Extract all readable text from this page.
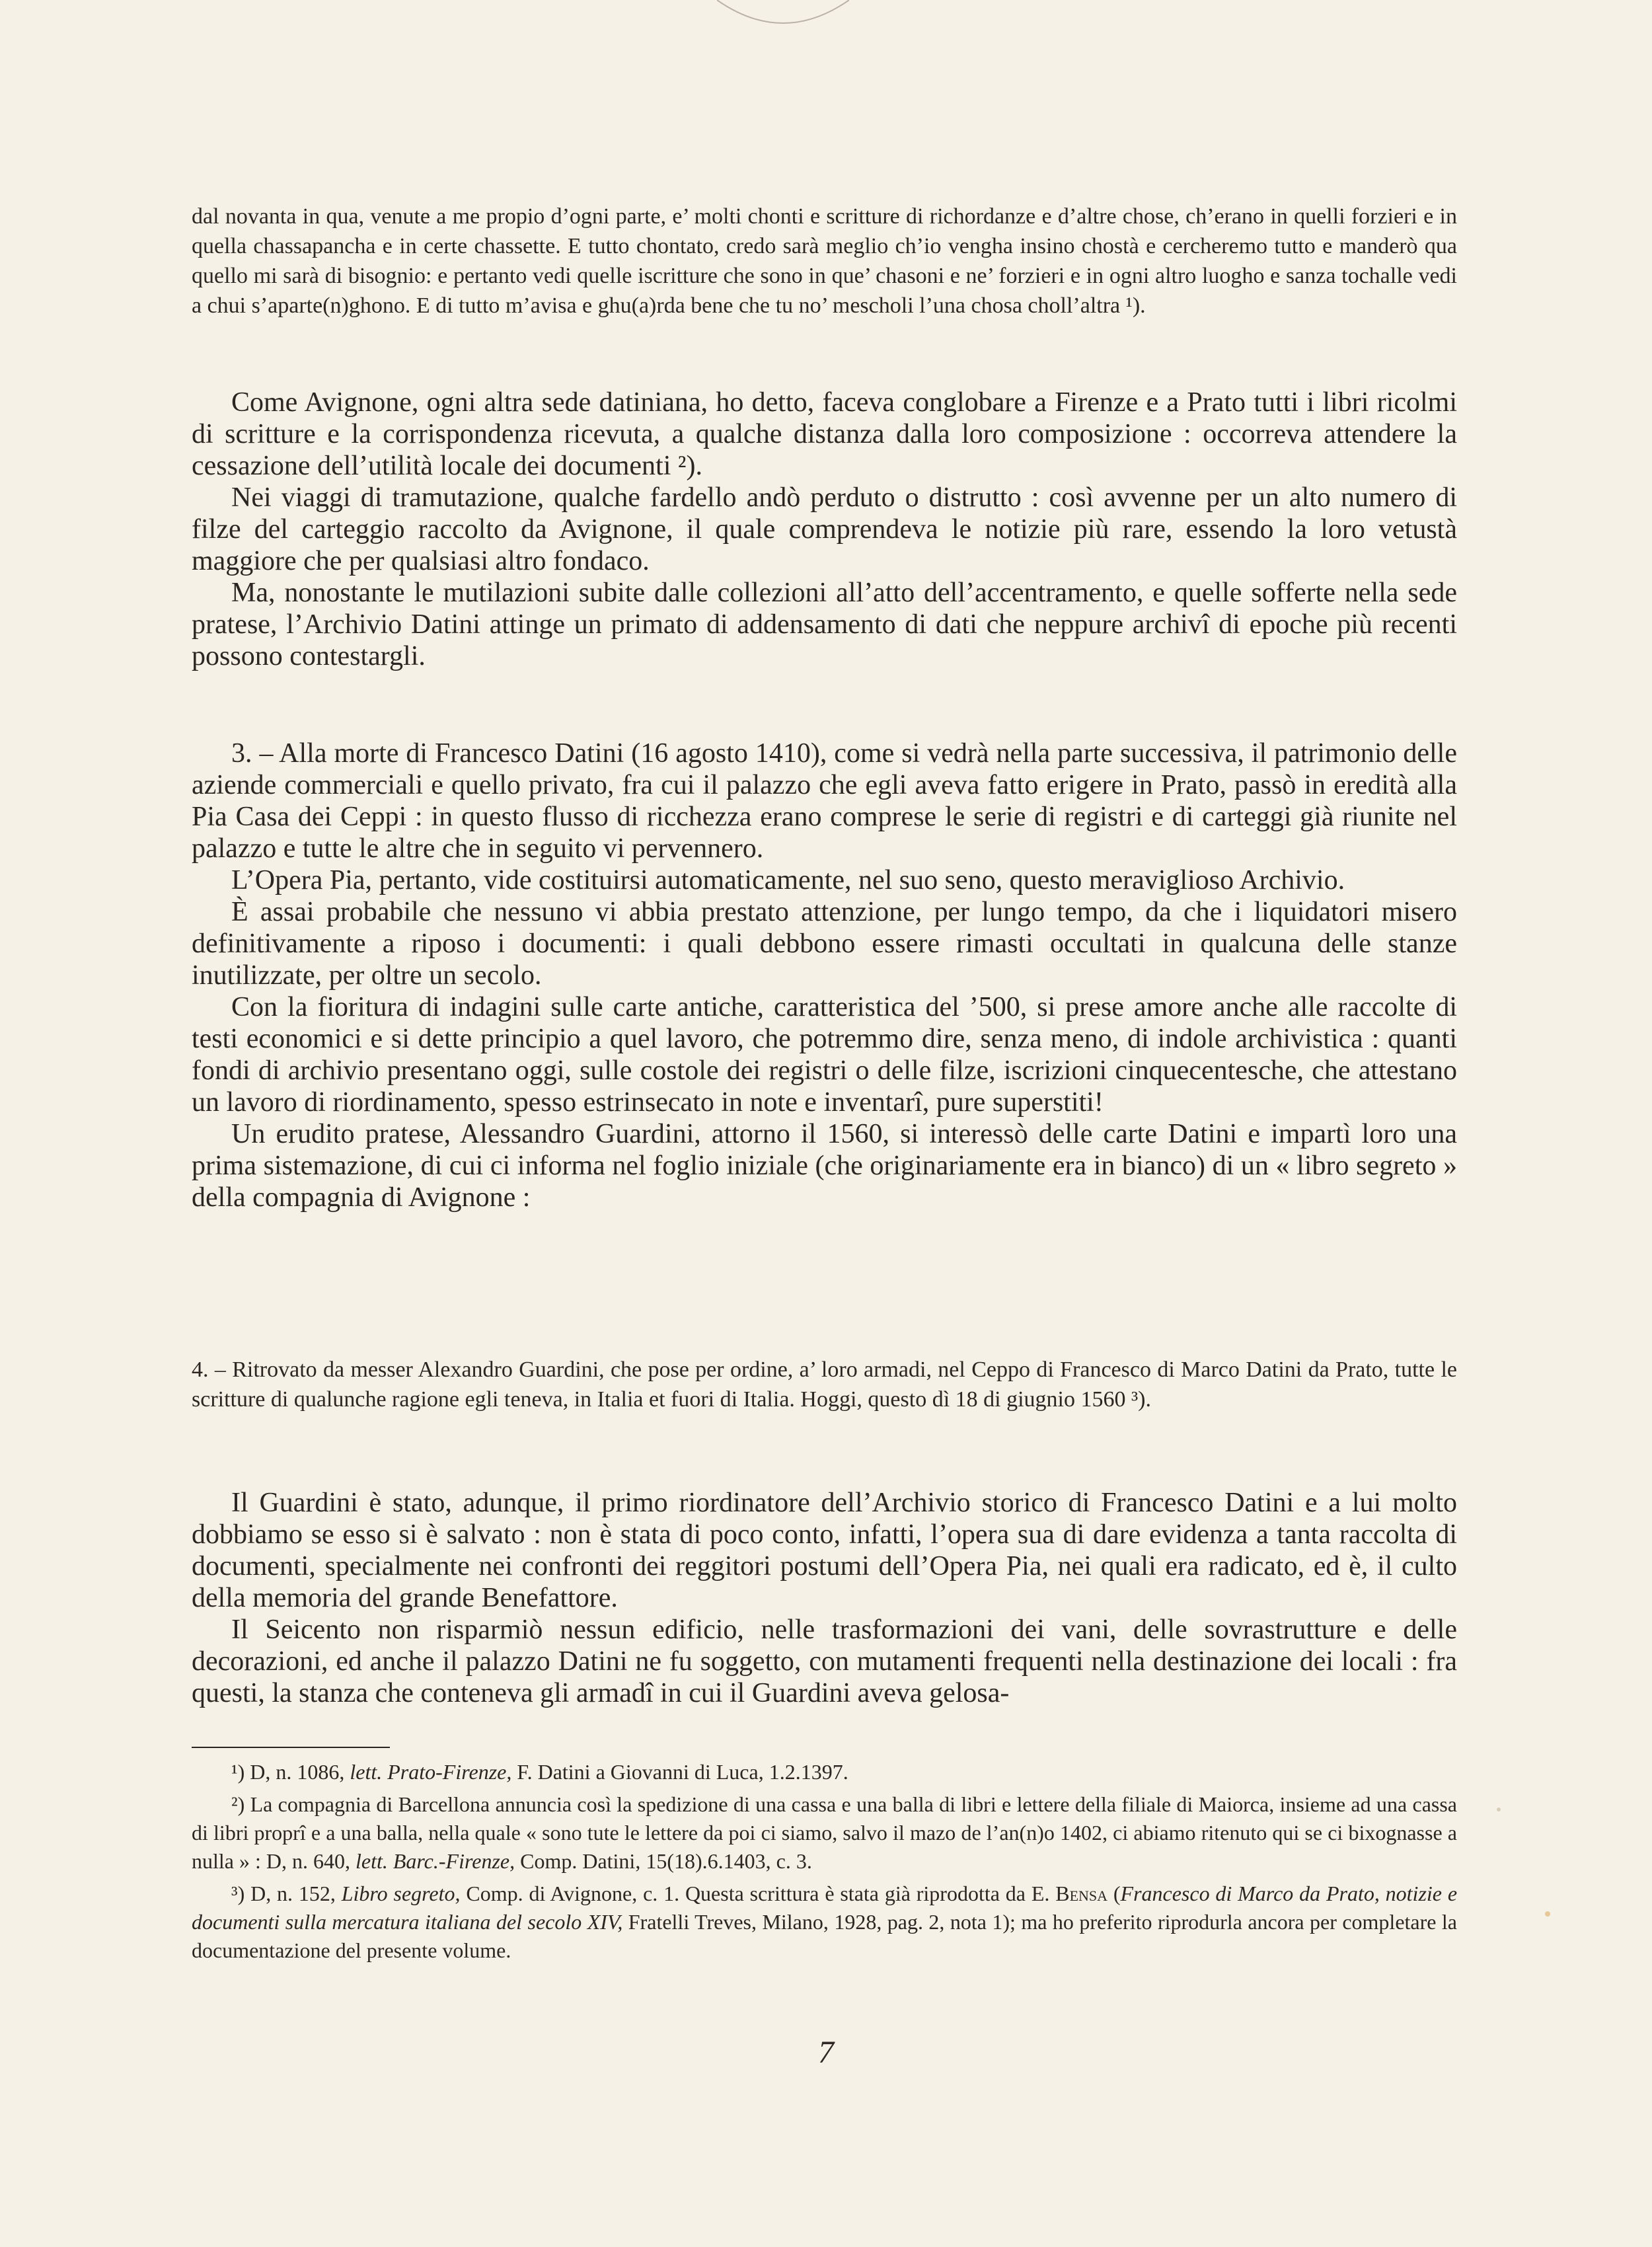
dal novanta in qua, venute a me propio d’ogni parte, e’ molti chonti e scritture di richordanze e d’altre chose, ch’erano in quelli forzieri e in quella chassapancha e in certe chassette. E tutto chontato, credo sarà meglio ch’io vengha insino chostà e cercheremo tutto e manderò qua quello mi sarà di bisognio: e pertanto vedi quelle iscritture che sono in que’ chasoni e ne’ forzieri e in ogni altro luogho e sanza tochalle vedi a chui s’aparte(n)ghono. E di tutto m’avisa e ghu(a)rda bene che tu no’ mescholi l’una chosa choll’altra ¹).

Come Avignone, ogni altra sede datiniana, ho detto, faceva conglobare a Firenze e a Prato tutti i libri ricolmi di scritture e la corrispondenza ricevuta, a qualche distanza dalla loro composizione : occorreva attendere la cessazione dell’utilità locale dei documenti ²).

Nei viaggi di tramutazione, qualche fardello andò perduto o distrutto : così avvenne per un alto numero di filze del carteggio raccolto da Avignone, il quale comprendeva le notizie più rare, essendo la loro vetustà maggiore che per qualsiasi altro fondaco.

Ma, nonostante le mutilazioni subite dalle collezioni all’atto dell’accentramento, e quelle sofferte nella sede pratese, l’Archivio Datini attinge un primato di addensamento di dati che neppure archivî di epoche più recenti possono contestargli.

3. – Alla morte di Francesco Datini (16 agosto 1410), come si vedrà nella parte successiva, il patrimonio delle aziende commerciali e quello privato, fra cui il palazzo che egli aveva fatto erigere in Prato, passò in eredità alla Pia Casa dei Ceppi : in questo flusso di ricchezza erano comprese le serie di registri e di carteggi già riunite nel palazzo e tutte le altre che in seguito vi pervennero.

L’Opera Pia, pertanto, vide costituirsi automaticamente, nel suo seno, questo meraviglioso Archivio.

È assai probabile che nessuno vi abbia prestato attenzione, per lungo tempo, da che i liquidatori misero definitivamente a riposo i documenti: i quali debbono essere rimasti occultati in qualcuna delle stanze inutilizzate, per oltre un secolo.

Con la fioritura di indagini sulle carte antiche, caratteristica del ’500, si prese amore anche alle raccolte di testi economici e si dette principio a quel lavoro, che potremmo dire, senza meno, di indole archivistica : quanti fondi di archivio presentano oggi, sulle costole dei registri o delle filze, iscrizioni cinquecentesche, che attestano un lavoro di riordinamento, spesso estrinsecato in note e inventarî, pure superstiti!

Un erudito pratese, Alessandro Guardini, attorno il 1560, si interessò delle carte Datini e impartì loro una prima sistemazione, di cui ci informa nel foglio iniziale (che originariamente era in bianco) di un « libro segreto » della compagnia di Avignone :

4. – Ritrovato da messer Alexandro Guardini, che pose per ordine, a’ loro armadi, nel Ceppo di Francesco di Marco Datini da Prato, tutte le scritture di qualunche ragione egli teneva, in Italia et fuori di Italia. Hoggi, questo dì 18 di giugnio 1560 ³).

Il Guardini è stato, adunque, il primo riordinatore dell’Archivio storico di Francesco Datini e a lui molto dobbiamo se esso si è salvato : non è stata di poco conto, infatti, l’opera sua di dare evidenza a tanta raccolta di documenti, specialmente nei confronti dei reggitori postumi dell’Opera Pia, nei quali era radicato, ed è, il culto della memoria del grande Benefattore.

Il Seicento non risparmiò nessun edificio, nelle trasformazioni dei vani, delle sovrastrutture e delle decorazioni, ed anche il palazzo Datini ne fu soggetto, con mutamenti frequenti nella destinazione dei locali : fra questi, la stanza che conteneva gli armadî in cui il Guardini aveva gelosa-

¹) D, n. 1086, lett. Prato-Firenze, F. Datini a Giovanni di Luca, 1.2.1397.

²) La compagnia di Barcellona annuncia così la spedizione di una cassa e una balla di libri e lettere della filiale di Maiorca, insieme ad una cassa di libri proprî e a una balla, nella quale « sono tute le lettere da poi ci siamo, salvo il mazo de l’an(n)o 1402, ci abiamo ritenuto qui se ci bixognasse a nulla » : D, n. 640, lett. Barc.-Firenze, Comp. Datini, 15(18).6.1403, c. 3.

³) D, n. 152, Libro segreto, Comp. di Avignone, c. 1. Questa scrittura è stata già riprodotta da E. Bensa (Francesco di Marco da Prato, notizie e documenti sulla mercatura italiana del secolo XIV, Fratelli Treves, Milano, 1928, pag. 2, nota 1); ma ho preferito riprodurla ancora per completare la documentazione del presente volume.

7
